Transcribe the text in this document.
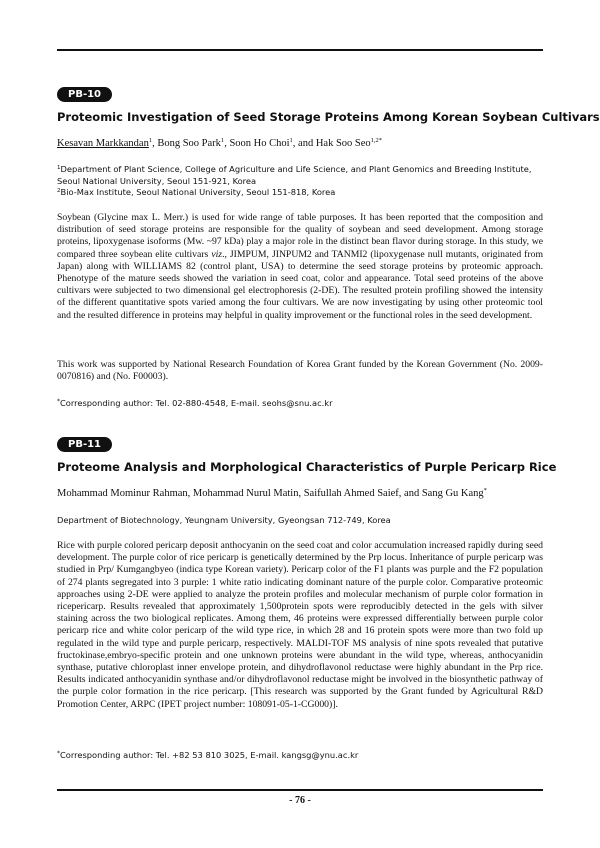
PB-10
Proteomic Investigation of Seed Storage Proteins Among Korean Soybean Cultivars
Kesavan Markkandan$^1$, Bong Soo Park$^1$, Soon Ho Choi$^1$, and Hak Soo Seo$^{1,2*}$
$^1$Department of Plant Science, College of Agriculture and Life Science, and Plant Genomics and Breeding Institute,
Seoul National University, Seoul 151-921, Korea
$^2$Bio-Max Institute, Seoul National University, Seoul 151-818, Korea

Soybean (Glycine max L. Merr.) is used for wide range of table purposes. It has been reported that the composition and distribution of seed storage proteins are responsible for the quality of soybean and seed development. Among storage proteins, lipoxygenase isoforms (Mw. ~97 kDa) play a major role in the distinct bean flavor during storage. In this study, we compared three soybean elite cultivars viz., JIMPUM, JINPUM2 and TANMI2 (lipoxygenase null mutants, originated from Japan) along with WILLIAMS 82 (control plant, USA) to determine the seed storage proteins by proteomic approach. Phenotype of the mature seeds showed the variation in seed coat, color and appearance. Total seed proteins of the above cultivars were subjected to two dimensional gel electrophoresis (2-DE). The resulted protein profiling showed the intensity of the different quantitative spots varied among the four cultivars. We are now investigating by using other proteomic tool and the resulted difference in proteins may helpful in quality improvement or the functional roles in the seed development.

This work was supported by National Research Foundation of Korea Grant funded by the Korean Government (No. 2009-0070816) and (No. F00003).

*Corresponding author: Tel. 02-880-4548, E-mail. seohs@snu.ac.kr
PB-11
Proteome Analysis and Morphological Characteristics of Purple Pericarp Rice
Mohammad Mominur Rahman, Mohammad Nurul Matin, Saifullah Ahmed Saief, and Sang Gu Kang*
Department of Biotechnology, Yeungnam University, Gyeongsan 712-749, Korea

Rice with purple colored pericarp deposit anthocyanin on the seed coat and color accumulation increased rapidly during seed development. The purple color of rice pericarp is genetically determined by the Prp locus. Inheritance of purple pericarp was studied in Prp/ Kumgangbyeo (indica type Korean variety). Pericarp color of the F1 plants was purple and the F2 population of 274 plants segregated into 3 purple: 1 white ratio indicating dominant nature of the purple color. Comparative proteomic approaches using 2-DE were applied to analyze the protein profiles and molecular mechanism of purple color formation in ricepericarp. Results revealed that approximately 1,500protein spots were reproducibly detected in the gels with silver staining across the two biological replicates. Among them, 46 proteins were expressed differentially between purple color pericarp rice and white color pericarp of the wild type rice, in which 28 and 16 protein spots were more than two fold up regulated in the wild type and purple pericarp, respectively. MALDI-TOF MS analysis of nine spots revealed that putative fructokinase,embryo-specific protein and one unknown proteins were abundant in the wild type, whereas, anthocyanidin synthase, putative chloroplast inner envelope protein, and dihydroflavonol reductase were highly abundant in the Prp rice. Results indicated anthocyanidin synthase and/or dihydroflavonol reductase might be involved in the biosynthetic pathway of the purple color formation in the rice pericarp. [This research was supported by the Grant funded by Agricultural R&D Promotion Center, ARPC (IPET project number: 108091-05-1-CG000)].

*Corresponding author: Tel. +82 53 810 3025, E-mail. kangsg@ynu.ac.kr
- 76 -
